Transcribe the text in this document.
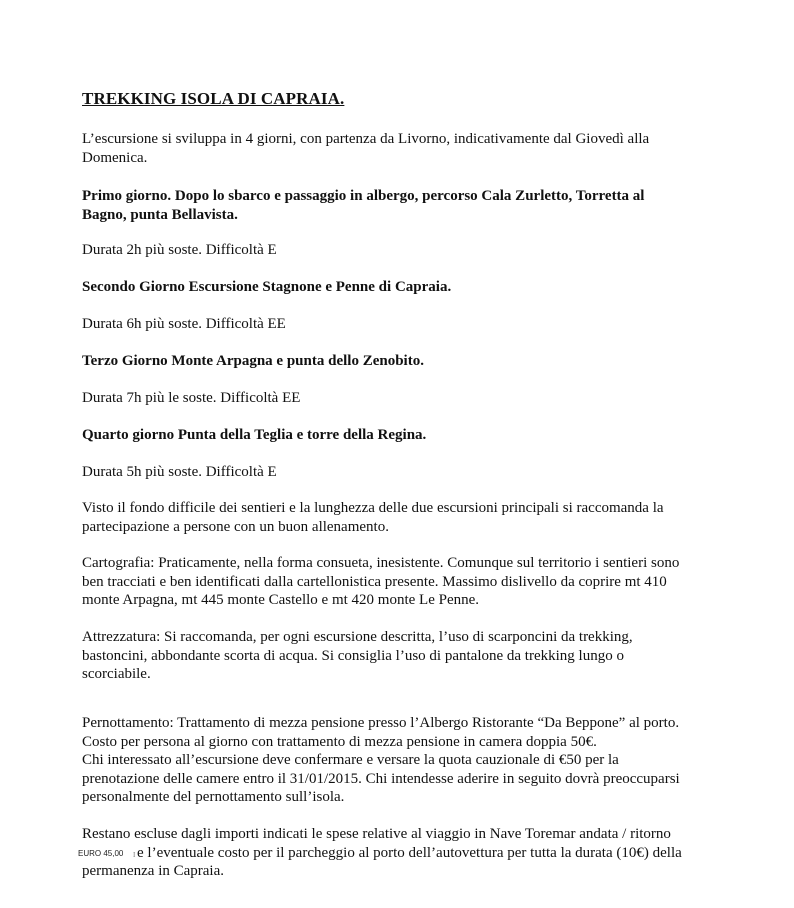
TREKKING ISOLA DI CAPRAIA.
L’escursione si sviluppa in 4 giorni, con partenza da Livorno, indicativamente dal Giovedì alla
Domenica.
Primo giorno. Dopo lo sbarco e passaggio in albergo, percorso Cala Zurletto, Torretta al
Bagno, punta Bellavista.
Durata 2h più soste. Difficoltà E
Secondo Giorno Escursione Stagnone e Penne di Capraia.
Durata 6h più soste. Difficoltà EE
Terzo Giorno Monte Arpagna e punta dello Zenobito.
Durata 7h più le soste. Difficoltà EE
Quarto giorno Punta della Teglia e torre della Regina.
Durata 5h più soste. Difficoltà E
Visto il fondo difficile dei sentieri e la lunghezza delle due escursioni principali si raccomanda la
partecipazione a persone con un buon allenamento.
Cartografia: Praticamente, nella forma consueta, inesistente. Comunque sul territorio i sentieri sono
ben tracciati e ben identificati dalla cartellonistica presente. Massimo dislivello da coprire mt 410
monte Arpagna, mt 445 monte Castello e mt 420 monte Le Penne.
Attrezzatura: Si raccomanda, per ogni escursione descritta, l’uso di scarponcini da trekking,
bastoncini, abbondante scorta di acqua. Si consiglia l’uso di pantalone da trekking lungo o
scorciabile.
Pernottamento: Trattamento di mezza pensione presso l’Albergo Ristorante “Da Beppone” al porto.
Costo per persona al giorno con trattamento di mezza pensione in camera doppia 50€.
Chi interessato all’escursione deve confermare e versare la quota cauzionale di €50 per la
prenotazione delle camere entro il 31/01/2015. Chi intendesse aderire in seguito dovrà preoccuparsi
personalmente del pernottamento sull’isola.
Restano escluse dagli importi indicati le spese relative al viaggio in Nave Toremar andata / ritorno
e l’eventuale costo per il parcheggio al porto dell’autovettura per tutta la durata (10€) della
permanenza in Capraia.
EURO 45,00 I
